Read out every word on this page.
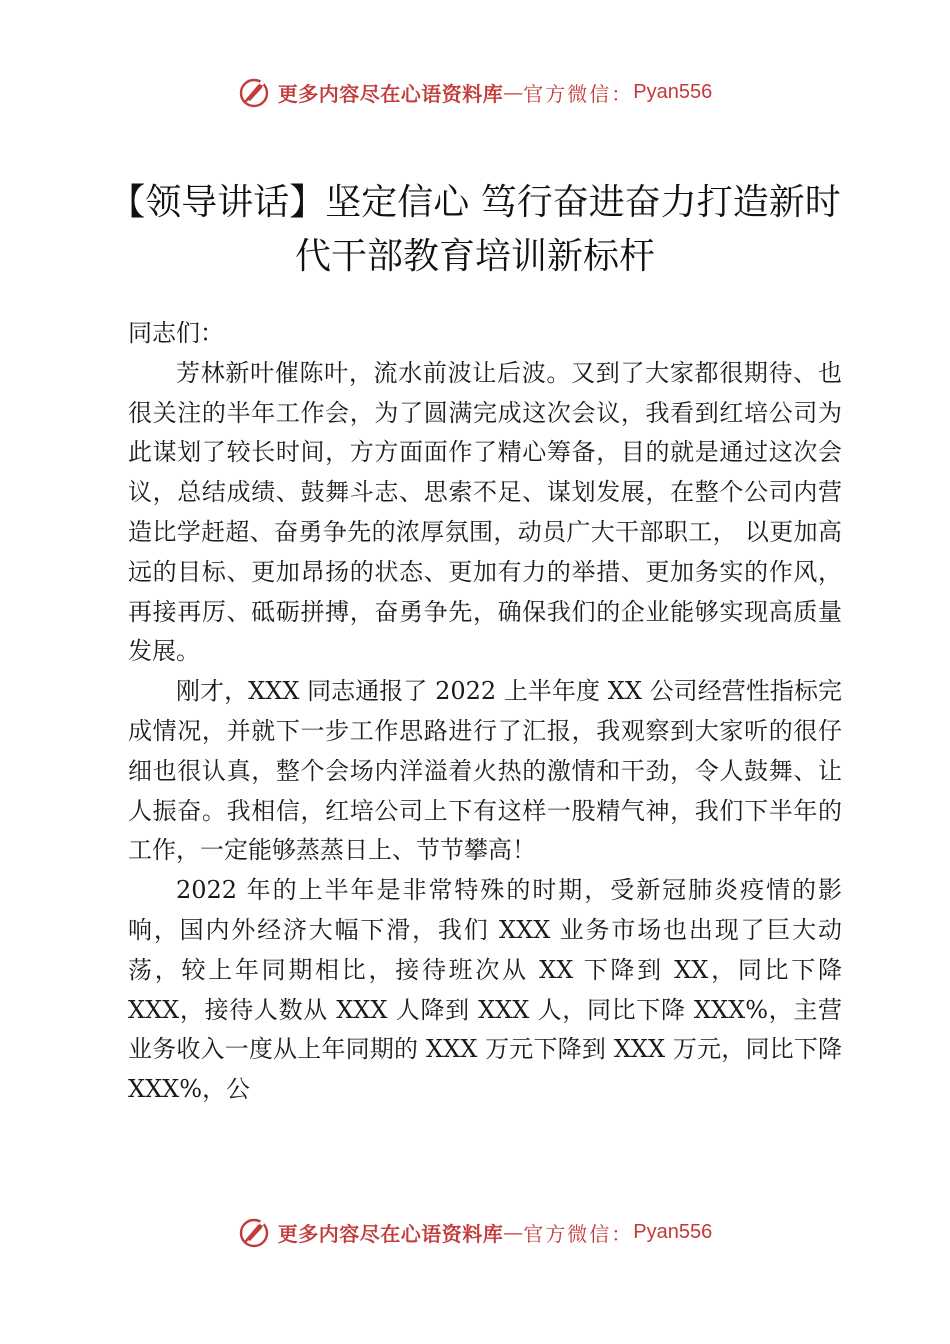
更多内容尽在心语资料库 — 官方微信： Pyan556
【领导讲话】坚定信心 笃行奋进奋力打造新时
代干部教育培训新标杆

同志们：

芳林新叶催陈叶，流水前波让后波。又到了大家都很期待、也很关注的半年工作会，为了圆满完成这次会议，我看到红培公司为此谋划了较长时间，方方面面作了精心筹备，目的就是通过这次会议，总结成绩、鼓舞斗志、思索不足、谋划发展，在整个公司内营造比学赶超、奋勇争先的浓厚氛围，动员广大干部职工， 以更加高远的目标、更加昂扬的状态、更加有力的举措、更加务实的作风，再接再厉、砥砺拼搏，奋勇争先，确保我们的企业能够实现高质量发展。

刚才，XXX 同志通报了 2022 上半年度 XX 公司经营性指标完成情况，并就下一步工作思路进行了汇报，我观察到大家听的很仔细也很认真，整个会场内洋溢着火热的激情和干劲，令人鼓舞、让人振奋。我相信，红培公司上下有这样一股精气神，我们下半年的工作，一定能够蒸蒸日上、节节攀高！

2022 年的上半年是非常特殊的时期，受新冠肺炎疫情的影响，国内外经济大幅下滑，我们 XXX 业务市场也出现了巨大动荡，较上年同期相比，接待班次从 XX 下降到 XX，同比下降 XXX，接待人数从 XXX 人降到 XXX 人，同比下降 XXX%，主营业务收入一度从上年同期的 XXX 万元下降到 XXX 万元，同比下降 XXX%，公

更多内容尽在心语资料库 — 官方微信： Pyan556
